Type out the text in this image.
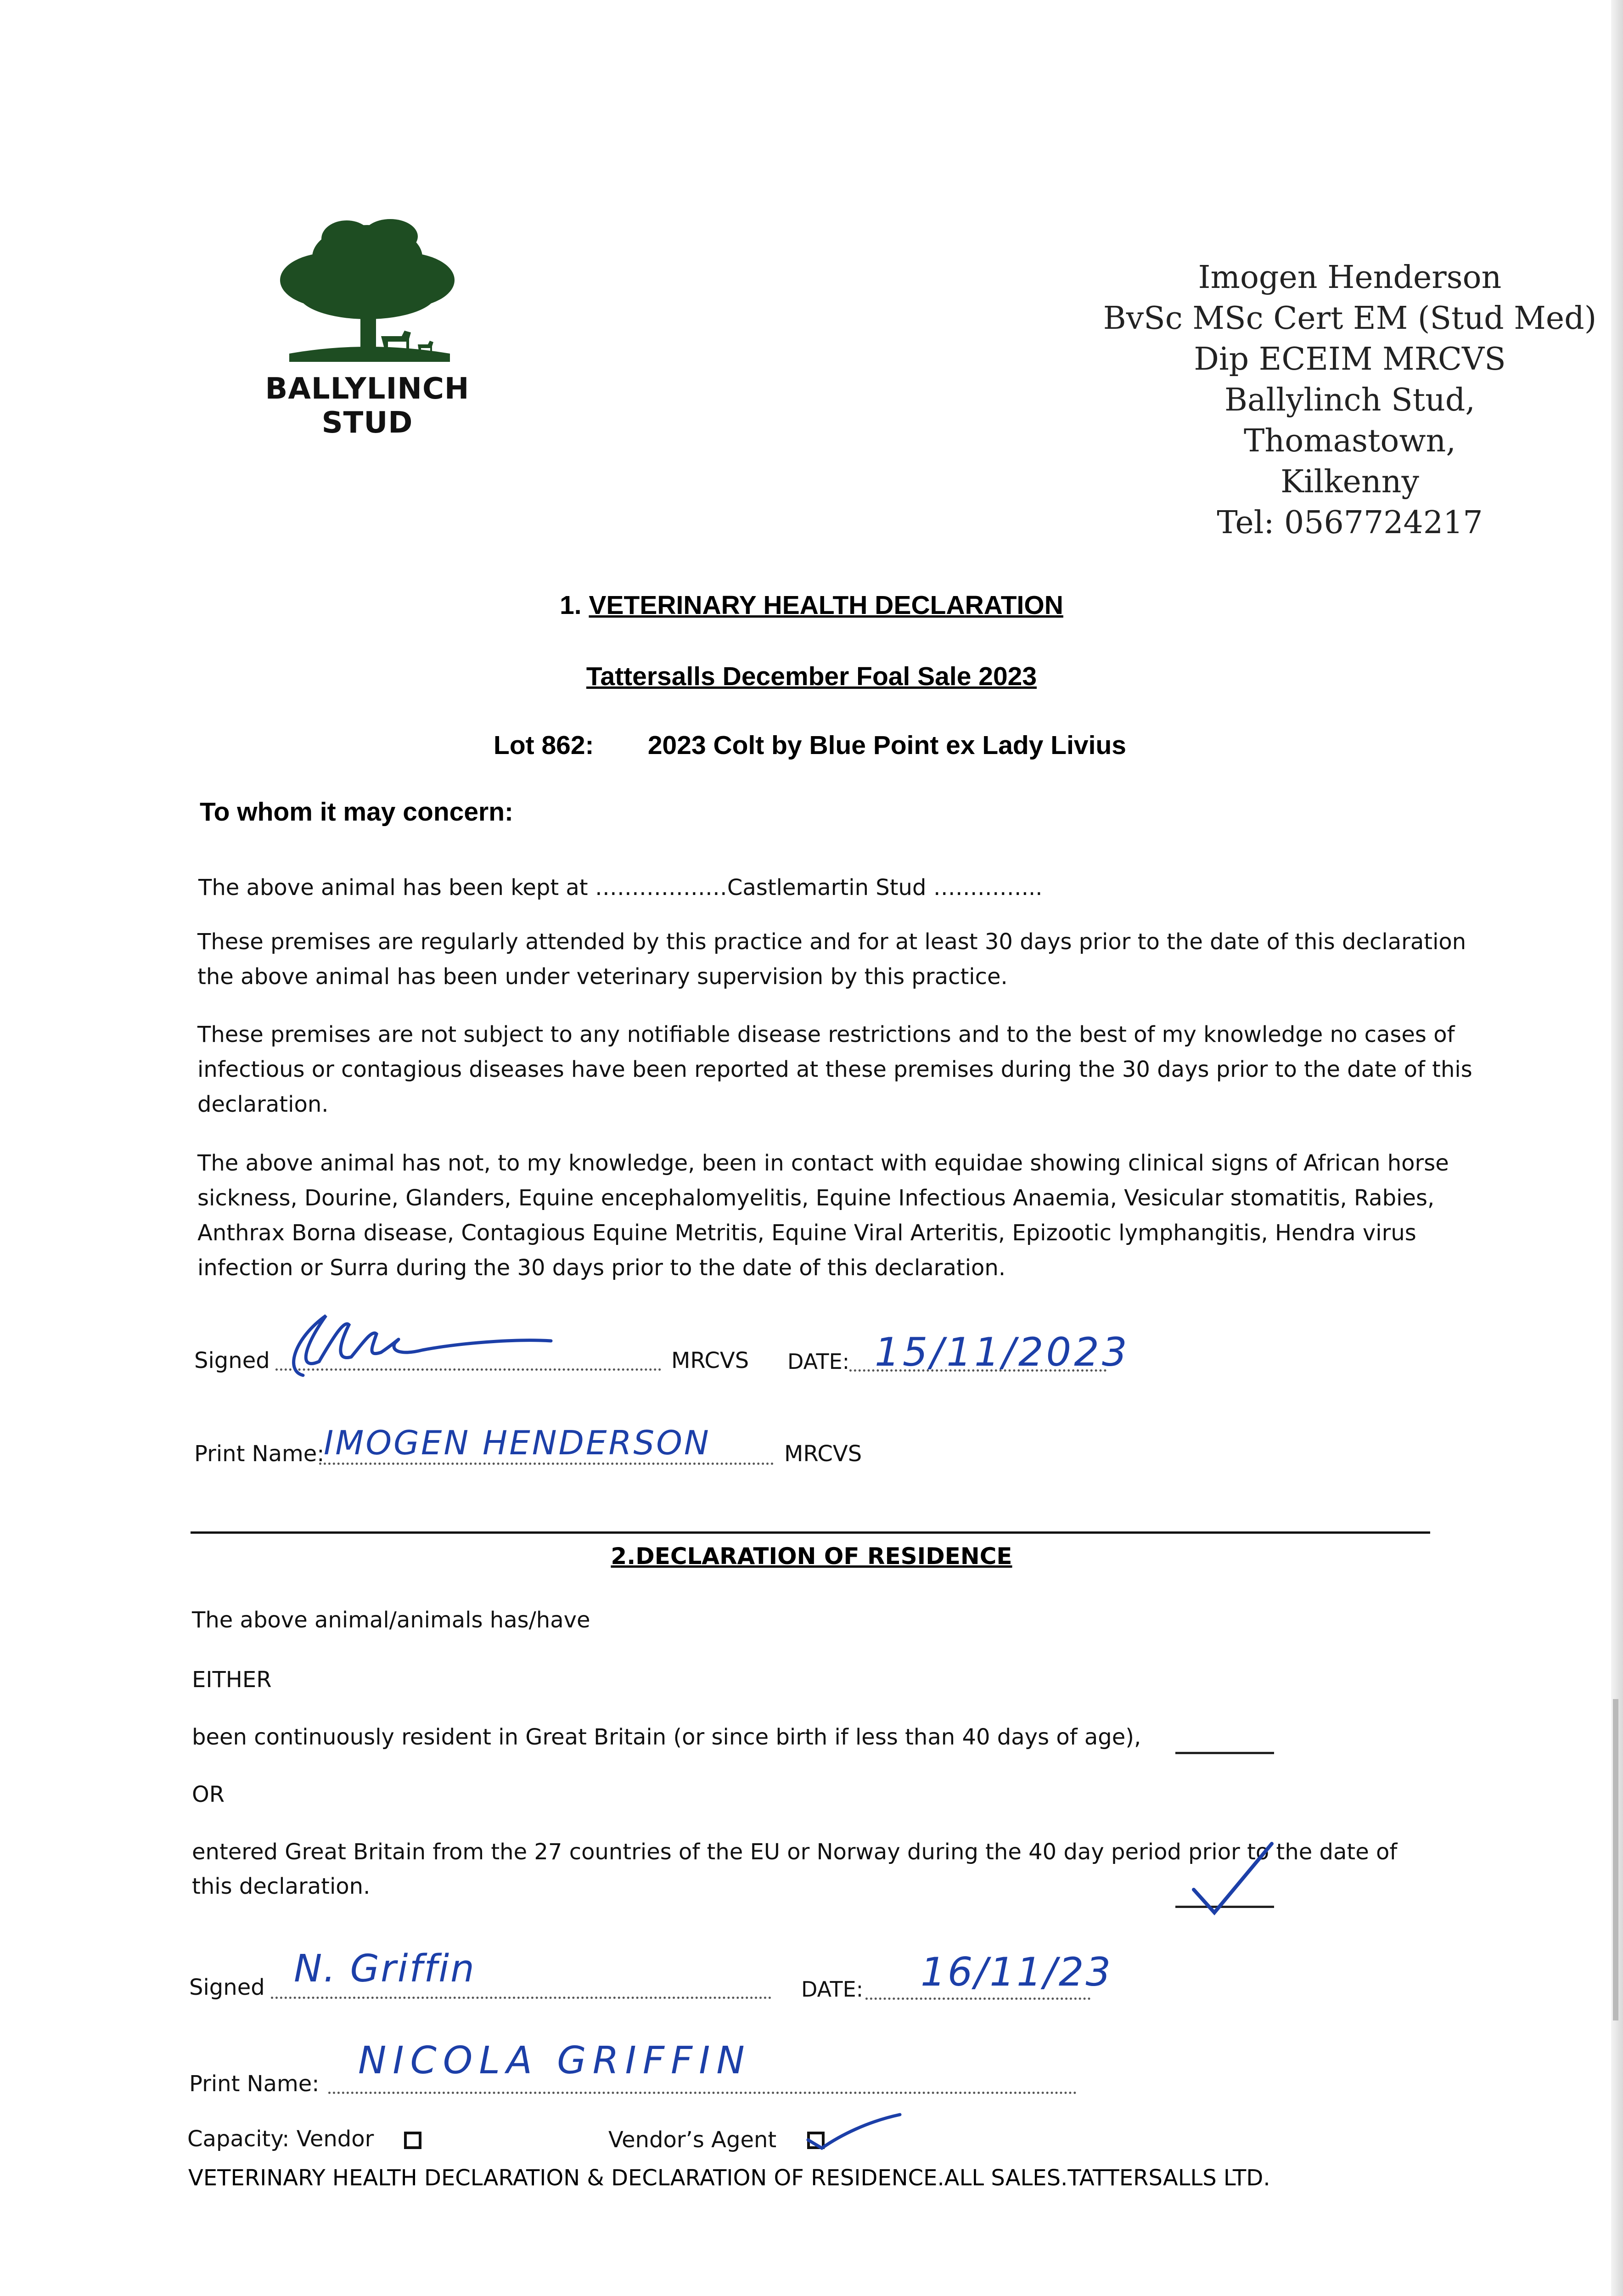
BALLYLINCH
STUD
Imogen Henderson
BvSc MSc Cert EM (Stud Med)
Dip ECEIM MRCVS
Ballylinch Stud,
Thomastown,
Kilkenny
Tel: 0567724217
1. VETERINARY HEALTH DECLARATION
Tattersalls December Foal Sale 2023
Lot 862: 2023 Colt by Blue Point ex Lady Livius
To whom it may concern:
The above animal has been kept at ………………Castlemartin Stud …………...
These premises are regularly attended by this practice and for at least 30 days prior to the date of this declaration the above animal has been under veterinary supervision by this practice.
These premises are not subject to any notifiable disease restrictions and to the best of my knowledge no cases of infectious or contagious diseases have been reported at these premises during the 30 days prior to the date of this declaration.
The above animal has not, to my knowledge, been in contact with equidae showing clinical signs of African horse sickness, Dourine, Glanders, Equine encephalomyelitis, Equine Infectious Anaemia, Vesicular stomatitis, Rabies, Anthrax Borna disease, Contagious Equine Metritis, Equine Viral Arteritis, Epizootic lymphangitis, Hendra virus infection or Surra during the 30 days prior to the date of this declaration.
Signed	MRCVS DATE: 15/11/2023
Print Name:
IMOGEN HENDERSON	MRCVS
2.DECLARATION OF RESIDENCE
The above animal/animals has/have
EITHER
been continuously resident in Great Britain (or since birth if less than 40 days of age),
OR
entered Great Britain from the 27 countries of the EU or Norway during the 40 day period prior to the date of
this declaration.
Signed N. Griffin	DATE: 16/11/23
Print Name:
NICOLA GRIFFIN
Capacity: Vendor	Vendor’s Agent
VETERINARY HEALTH DECLARATION & DECLARATION OF RESIDENCE.ALL SALES.TATTERSALLS LTD.
